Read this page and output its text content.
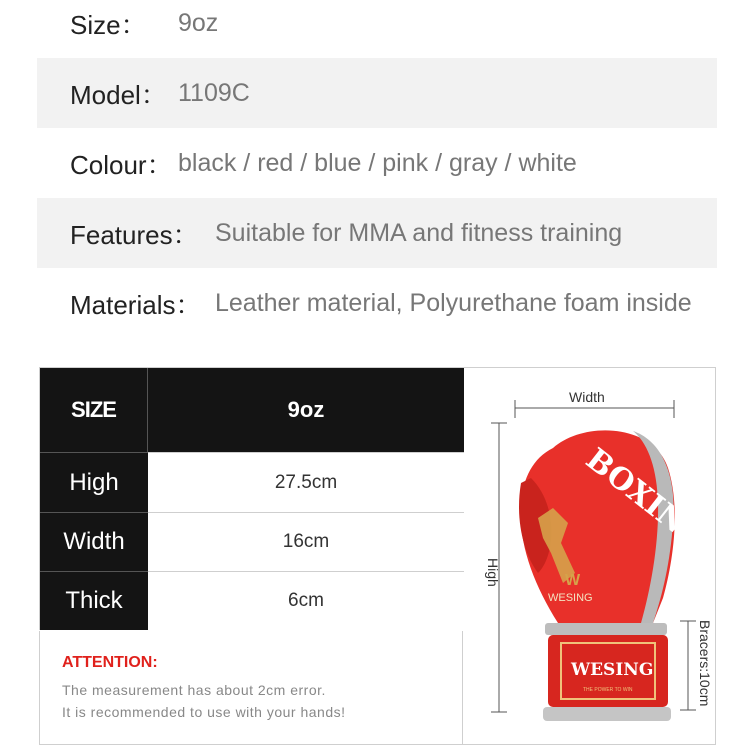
Size：	9oz
Model： 1109C
Colour： black / red / blue / pink / gray / white
Features： Suitable for MMA and fitness training
Materials： Leather material, Polyurethane foam inside
SIZE	9oz
High	27.5cm
Width	16cm
Thick	6cm
ATTENTION:
The measurement has about 2cm error.
It is recommended to use with your hands!
Width
High
Bracers:10cm
BOXING
W
WESING
WESING
THE POWER TO WIN
